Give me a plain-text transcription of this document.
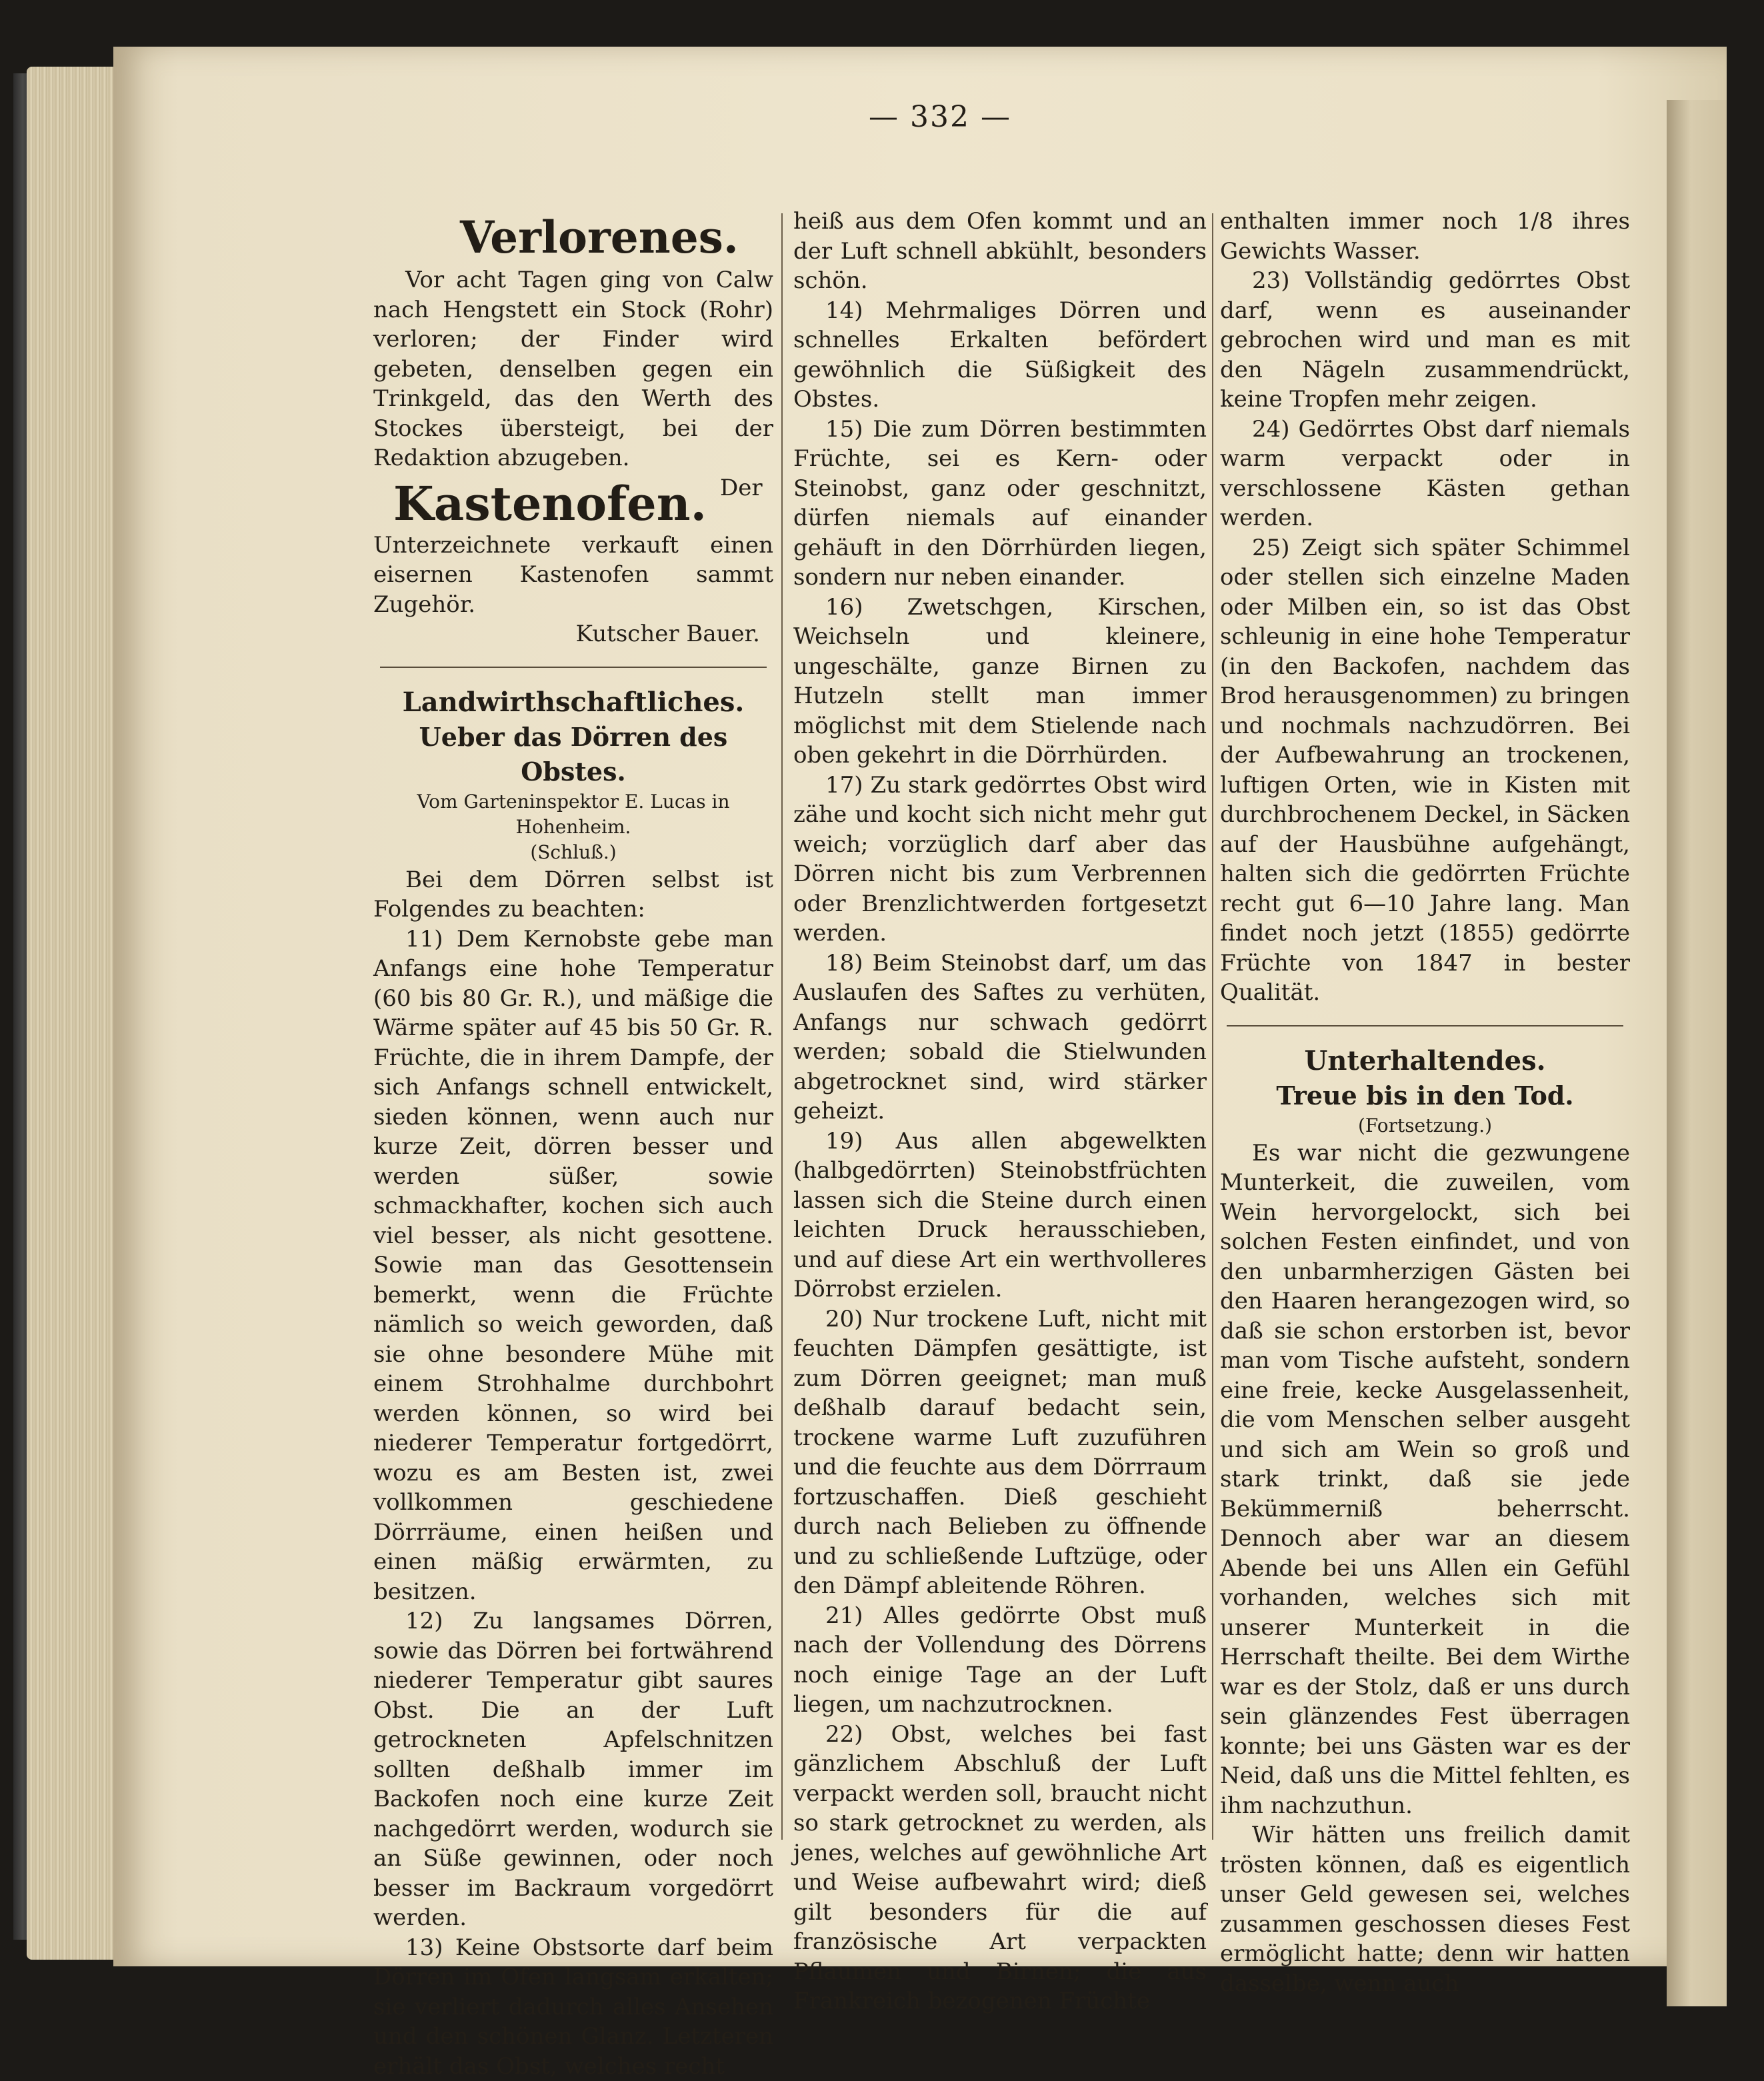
— 332 —
Verlorenes.

Vor acht Tagen ging von Calw nach Hengstett ein Stock (Rohr) verloren; der Finder wird gebeten, denselben gegen ein Trinkgeld, das den Werth des Stockes übersteigt, bei der Redaktion abzugeben.

Kastenofen. Der Unterzeichnete verkauft einen eisernen Kastenofen sammt Zugehör.

Kutscher Bauer.

Landwirthschaftliches.
Ueber das Dörren des Obstes.
Vom Garteninspektor E. Lucas in Hohenheim.
(Schluß.)

Bei dem Dörren selbst ist Folgendes zu beachten:

11) Dem Kernobste gebe man Anfangs eine hohe Temperatur (60 bis 80 Gr. R.), und mäßige die Wärme später auf 45 bis 50 Gr. R. Früchte, die in ihrem Dampfe, der sich Anfangs schnell entwickelt, sieden können, wenn auch nur kurze Zeit, dörren besser und werden süßer, sowie schmackhafter, kochen sich auch viel besser, als nicht gesottene. Sowie man das Gesottensein bemerkt, wenn die Früchte nämlich so weich geworden, daß sie ohne besondere Mühe mit einem Strohhalme durchbohrt werden können, so wird bei niederer Temperatur fortgedörrt, wozu es am Besten ist, zwei vollkommen geschiedene Dörrräume, einen heißen und einen mäßig erwärmten, zu besitzen.

12) Zu langsames Dörren, sowie das Dörren bei fortwährend niederer Temperatur gibt saures Obst. Die an der Luft getrockneten Apfelschnitzen sollten deßhalb immer im Backofen noch eine kurze Zeit nachgedörrt werden, wodurch sie an Süße gewinnen, oder noch besser im Backraum vorgedörrt werden.

13) Keine Obstsorte darf beim Dörren im Ofen langsam erkalten; sie verliert dadurch alles Ansehen und den schönen Glanz. Letzteren erhält das Obst, welches recht

heiß aus dem Ofen kommt und an der Luft schnell abkühlt, besonders schön.

14) Mehrmaliges Dörren und schnelles Erkalten befördert gewöhnlich die Süßigkeit des Obstes.

15) Die zum Dörren bestimmten Früchte, sei es Kern- oder Steinobst, ganz oder geschnitzt, dürfen niemals auf einander gehäuft in den Dörrhürden liegen, sondern nur neben einander.

16) Zwetschgen, Kirschen, Weichseln und kleinere, ungeschälte, ganze Birnen zu Hutzeln stellt man immer möglichst mit dem Stielende nach oben gekehrt in die Dörrhürden.

17) Zu stark gedörrtes Obst wird zähe und kocht sich nicht mehr gut weich; vorzüglich darf aber das Dörren nicht bis zum Verbrennen oder Brenzlichtwerden fortgesetzt werden.

18) Beim Steinobst darf, um das Auslaufen des Saftes zu verhüten, Anfangs nur schwach gedörrt werden; sobald die Stielwunden abgetrocknet sind, wird stärker geheizt.

19) Aus allen abgewelkten (halbgedörrten) Steinobstfrüchten lassen sich die Steine durch einen leichten Druck herausschieben, und auf diese Art ein werthvolleres Dörrobst erzielen.

20) Nur trockene Luft, nicht mit feuchten Dämpfen gesättigte, ist zum Dörren geeignet; man muß deßhalb darauf bedacht sein, trockene warme Luft zuzuführen und die feuchte aus dem Dörrraum fortzuschaffen. Dieß geschieht durch nach Belieben zu öffnende und zu schließende Luftzüge, oder den Dämpf ableitende Röhren.

21) Alles gedörrte Obst muß nach der Vollendung des Dörrens noch einige Tage an der Luft liegen, um nachzutrocknen.

22) Obst, welches bei fast gänzlichem Abschluß der Luft verpackt werden soll, braucht nicht so stark getrocknet zu werden, als jenes, welches auf gewöhnliche Art und Weise aufbewahrt wird; dieß gilt besonders für die auf französische Art verpackten Pflaumen und Birnen; die aus Frankreich bezogenen Früchte

enthalten immer noch 1/8 ihres Gewichts Wasser.

23) Vollständig gedörrtes Obst darf, wenn es auseinander gebrochen wird und man es mit den Nägeln zusammendrückt, keine Tropfen mehr zeigen.

24) Gedörrtes Obst darf niemals warm verpackt oder in verschlossene Kästen gethan werden.

25) Zeigt sich später Schimmel oder stellen sich einzelne Maden oder Milben ein, so ist das Obst schleunig in eine hohe Temperatur (in den Backofen, nachdem das Brod herausgenommen) zu bringen und nochmals nachzudörren. Bei der Aufbewahrung an trockenen, luftigen Orten, wie in Kisten mit durchbrochenem Deckel, in Säcken auf der Hausbühne aufgehängt, halten sich die gedörrten Früchte recht gut 6—10 Jahre lang. Man findet noch jetzt (1855) gedörrte Früchte von 1847 in bester Qualität.

Unterhaltendes.
Treue bis in den Tod.
(Fortsetzung.)

Es war nicht die gezwungene Munterkeit, die zuweilen, vom Wein hervorgelockt, sich bei solchen Festen einfindet, und von den unbarmherzigen Gästen bei den Haaren herangezogen wird, so daß sie schon erstorben ist, bevor man vom Tische aufsteht, sondern eine freie, kecke Ausgelassenheit, die vom Menschen selber ausgeht und sich am Wein so groß und stark trinkt, daß sie jede Bekümmerniß beherrscht. Dennoch aber war an diesem Abende bei uns Allen ein Gefühl vorhanden, welches sich mit unserer Munterkeit in die Herrschaft theilte. Bei dem Wirthe war es der Stolz, daß er uns durch sein glänzendes Fest überragen konnte; bei uns Gästen war es der Neid, daß uns die Mittel fehlten, es ihm nachzuthun.

Wir hätten uns freilich damit trösten können, daß es eigentlich unser Geld gewesen sei, welches zusammen geschossen dieses Fest ermöglicht hatte; denn wir hatten dasselbe, wenn auch
